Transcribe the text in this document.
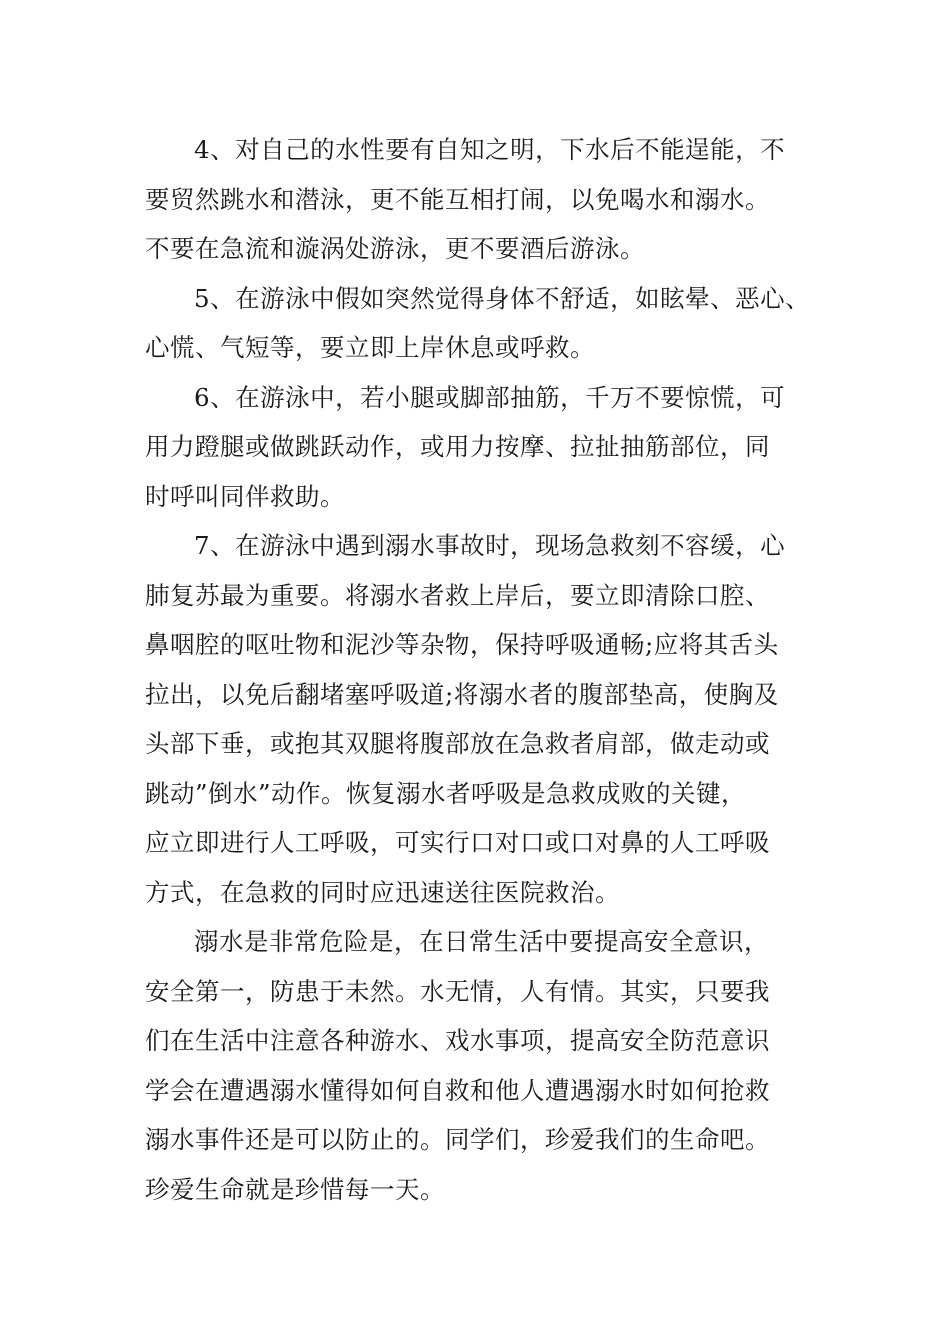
4、对自己的水性要有自知之明，下水后不能逞能，不
要贸然跳水和潜泳，更不能互相打闹，以免喝水和溺水。
不要在急流和漩涡处游泳，更不要酒后游泳。
5、在游泳中假如突然觉得身体不舒适，如眩晕、恶心、
心慌、气短等，要立即上岸休息或呼救。
6、在游泳中，若小腿或脚部抽筋，千万不要惊慌，可
用力蹬腿或做跳跃动作，或用力按摩、拉扯抽筋部位，同
时呼叫同伴救助。
7、在游泳中遇到溺水事故时，现场急救刻不容缓，心
肺复苏最为重要。将溺水者救上岸后，要立即清除口腔、
鼻咽腔的呕吐物和泥沙等杂物，保持呼吸通畅;应将其舌头
拉出，以免后翻堵塞呼吸道;将溺水者的腹部垫高，使胸及
头部下垂，或抱其双腿将腹部放在急救者肩部，做走动或
跳动”倒水”动作。恢复溺水者呼吸是急救成败的关键，
应立即进行人工呼吸，可实行口对口或口对鼻的人工呼吸
方式，在急救的同时应迅速送往医院救治。
溺水是非常危险是，在日常生活中要提高安全意识，
安全第一，防患于未然。水无情，人有情。其实，只要我
们在生活中注意各种游水、戏水事项，提高安全防范意识
学会在遭遇溺水懂得如何自救和他人遭遇溺水时如何抢救
溺水事件还是可以防止的。同学们，珍爱我们的生命吧。
珍爱生命就是珍惜每一天。
